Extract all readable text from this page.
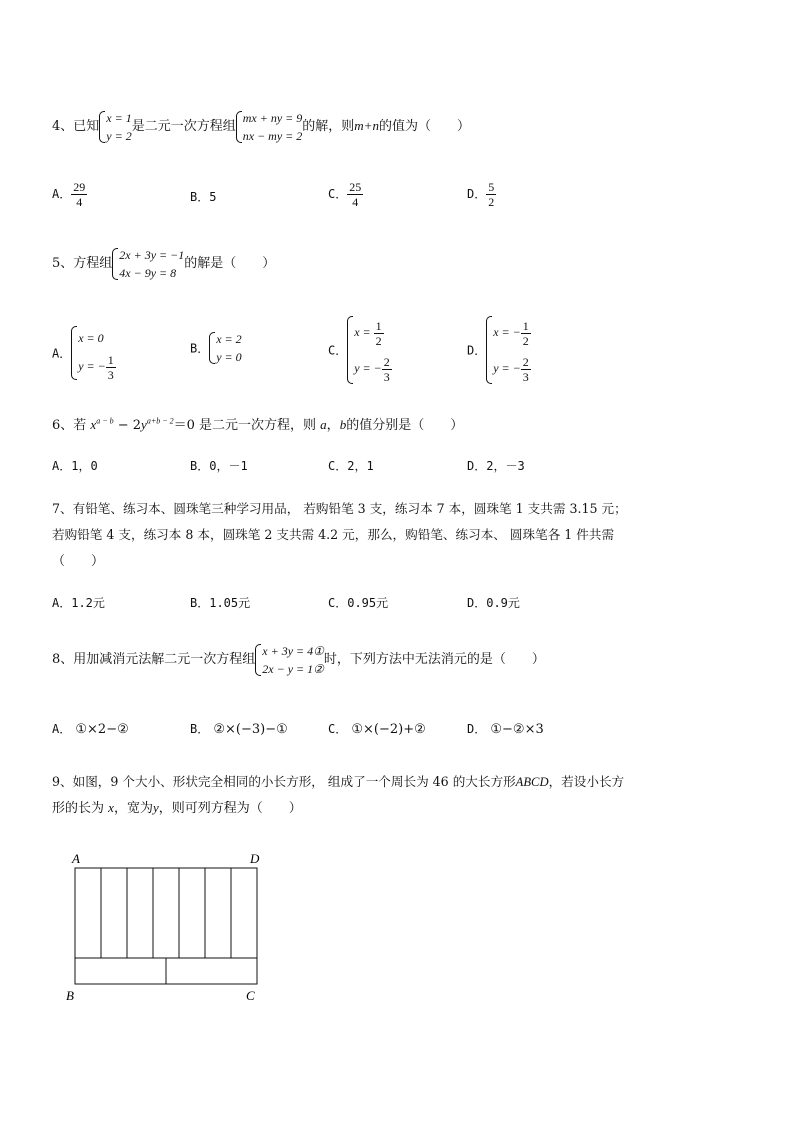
4、已知
x = 1
y = 2
是二元一次方程组
mx + ny = 9
nx − my = 2
的解，则m+n的值为（　　）
A． $\frac{29}{4}$	B．5	C． $\frac{25}{4}$	D． $\frac{5}{2}$
5、方程组
2x + 3y = −1
4x − 9y = 8
的解是（　　）
A．
x = 0
y = − $\frac{1}{3}$
B．
x = 2
y = 0	C．
$x = \frac{1}{2}$
y = − $\frac{2}{3}$
D．
x = − $\frac{1}{2}$
y = − $\frac{2}{3}$
6、若 $x^{a - b} - 2y^{a+b - 2}=0$ 是二元一次方程，则 a，b的值分别是（　　）
A．1，0	B．0，－1	C．2，1	D．2，－3
7、有铅笔、练习本、圆珠笔三种学习用品， 若购铅笔 3 支，练习本 7 本，圆珠笔 1 支共需 3.15 元；
若购铅笔 4 支，练习本 8 本，圆珠笔 2 支共需 4.2 元，那么，购铅笔、练习本、 圆珠笔各 1 件共需
（　　）
A．1.2元	B．1.05元	C．0.95元	D．0.9元
8、用加减消元法解二元一次方程组
x + 3y = 4①
2x − y = 1②
时，下列方法中无法消元的是（　　）
A． ①×2−②	B． ②×(−3)−①	C． ①×(−2)+②	D． ①−②×3
9、如图，9 个大小、形状完全相同的小长方形， 组成了一个周长为 46 的大长方形ABCD，若设小长方
形的长为 x，宽为y，则可列方程为（　　）
A	D
B	C
